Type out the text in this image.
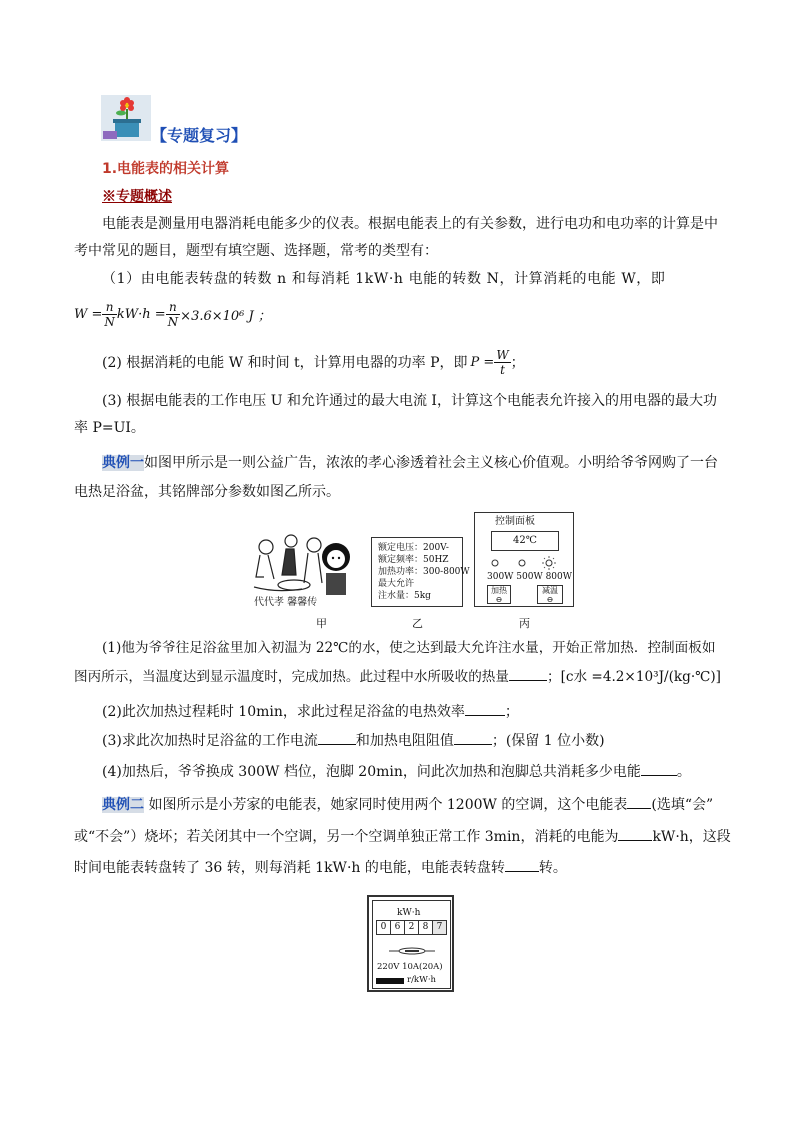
【专题复习】
1.电能表的相关计算
※专题概述
电能表是测量用电器消耗电能多少的仪表。根据电能表上的有关参数，进行电功和电功率的计算是中
考中常见的题目，题型有填空题、选择题，常考的类型有：
（1）由电能表转盘的转数 n 和每消耗 1kW·h 电能的转数 N，计算消耗的电能 W，即
$W = \frac{n}{N} kW\cdot h = \frac{n}{N} \times 3.6\times 10^6$ J ；
(2) 根据消耗的电能 W 和时间 t，计算用电器的功率 P，即 $P = \frac{W}{t}$ ；
(3) 根据电能表的工作电压 U 和允许通过的最大电流 I，计算这个电能表允许接入的用电器的最大功
率 P=UI。
典例一如图甲所示是一则公益广告，浓浓的孝心渗透着社会主义核心价值观。小明给爷爷网购了一台
电热足浴盆，其铭牌部分参数如图乙所示。
代代孝 馨馨传
额定电压：200V-
额定频率：50HZ
加热功率：300-800W
最大允许
注水量：5kg
控制面板
42℃
300W 500W 800W
加热
⊖
减温
⊖
甲	乙	丙
(1)他为爷爷往足浴盆里加入初温为 22℃的水，使之达到最大允许注水量，开始正常加热．控制面板如
图丙所示，当温度达到显示温度时，完成加热。此过程中水所吸收的热量	；[c水 =4.2×10³J/(kg·℃)]
(2)此次加热过程耗时 10min，求此过程足浴盆的电热效率	；
(3)求此次加热时足浴盆的工作电流	和加热电阻阻值	；(保留 1 位小数)
(4)加热后，爷爷换成 300W 档位，泡脚 20min，问此次加热和泡脚总共消耗多少电能	。
典例二 如图所示是小芳家的电能表，她家同时使用两个 1200W 的空调，这个电能表 (选填“会”
或“不会”）烧坏；若关闭其中一个空调，另一个空调单独正常工作 3min，消耗的电能为 kW·h，这段
时间电能表转盘转了 36 转，则每消耗 1kW·h 的电能，电能表转盘转 转。
kW·h
0 6 2 8 7
220V 10A(20A)
r/kW·h
